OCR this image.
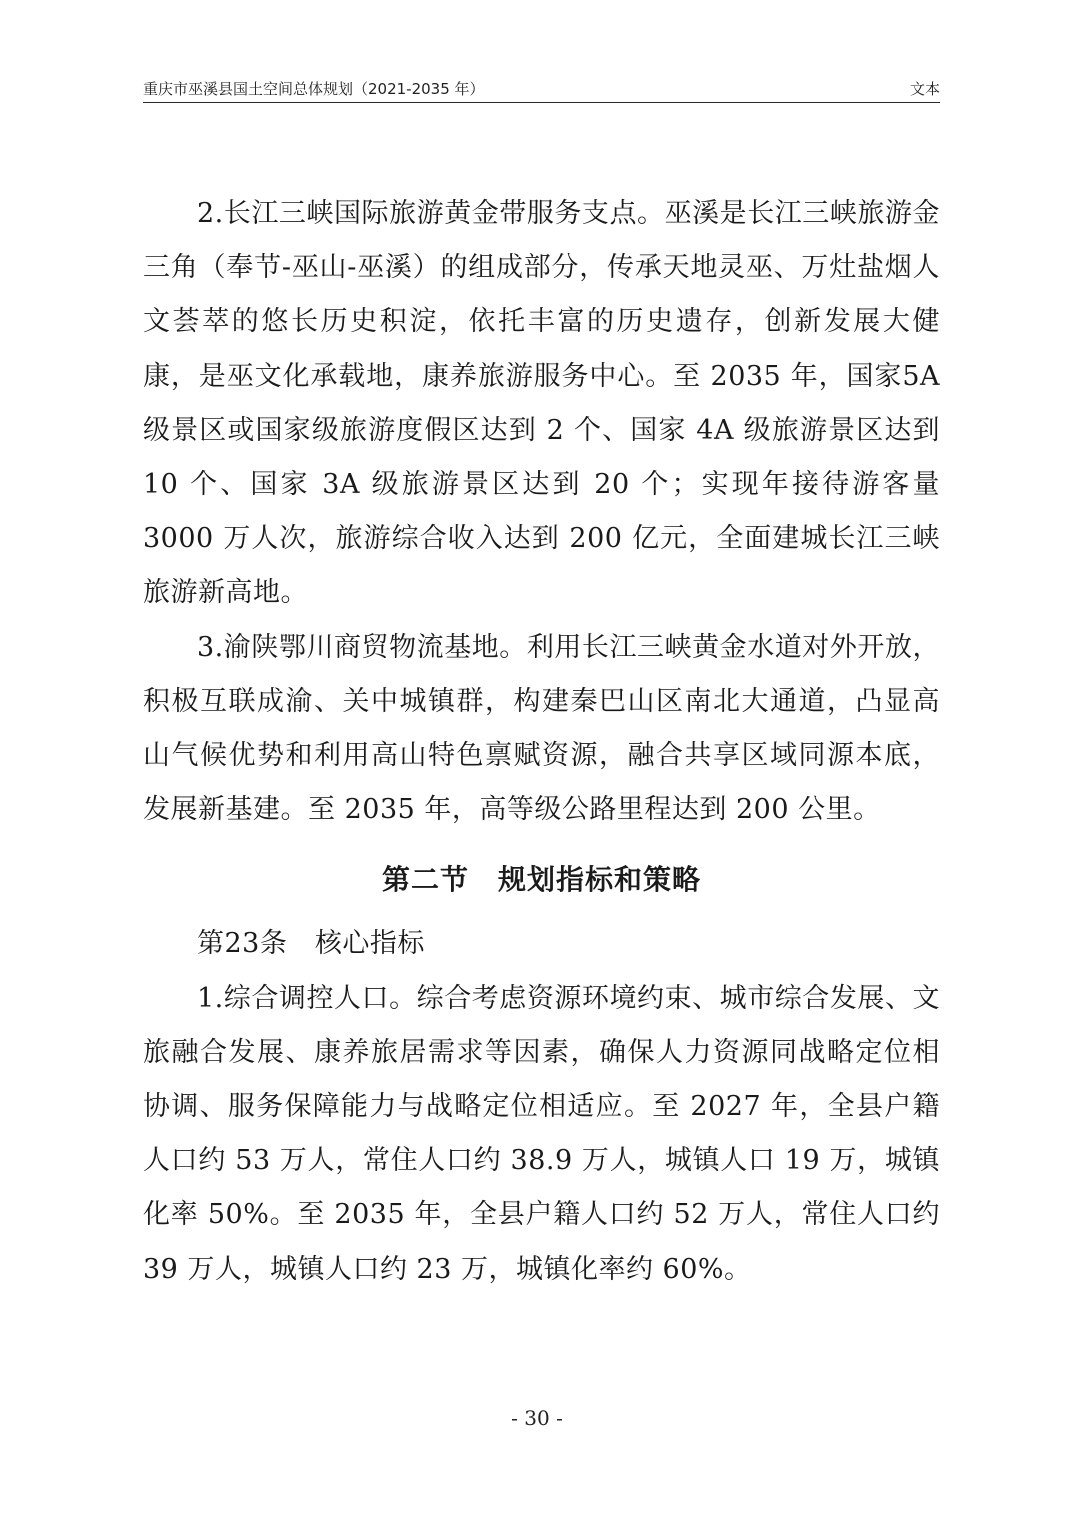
重庆市巫溪县国土空间总体规划（2021-2035 年）	文本

2.长江三峡国际旅游黄金带服务支点。巫溪是长江三峡旅游金三角（奉节-巫山-巫溪）的组成部分，传承天地灵巫、万灶盐烟人文荟萃的悠长历史积淀，依托丰富的历史遗存，创新发展大健康，是巫文化承载地，康养旅游服务中心。至 2035 年，国家5A 级景区或国家级旅游度假区达到 2 个、国家 4A 级旅游景区达到 10 个、国家 3A 级旅游景区达到 20 个；实现年接待游客量 3000 万人次，旅游综合收入达到 200 亿元，全面建城长江三峡旅游新高地。

3.渝陕鄂川商贸物流基地。利用长江三峡黄金水道对外开放，积极互联成渝、关中城镇群，构建秦巴山区南北大通道，凸显高山气候优势和利用高山特色禀赋资源，融合共享区域同源本底，发展新基建。至 2035 年，高等级公路里程达到 200 公里。

第二节　规划指标和策略

第23条　核心指标

1.综合调控人口。综合考虑资源环境约束、城市综合发展、文旅融合发展、康养旅居需求等因素，确保人力资源同战略定位相协调、服务保障能力与战略定位相适应。至 2027 年，全县户籍人口约 53 万人，常住人口约 38.9 万人，城镇人口 19 万，城镇化率 50%。至 2035 年，全县户籍人口约 52 万人，常住人口约 39 万人，城镇人口约 23 万，城镇化率约 60%。

- 30 -
